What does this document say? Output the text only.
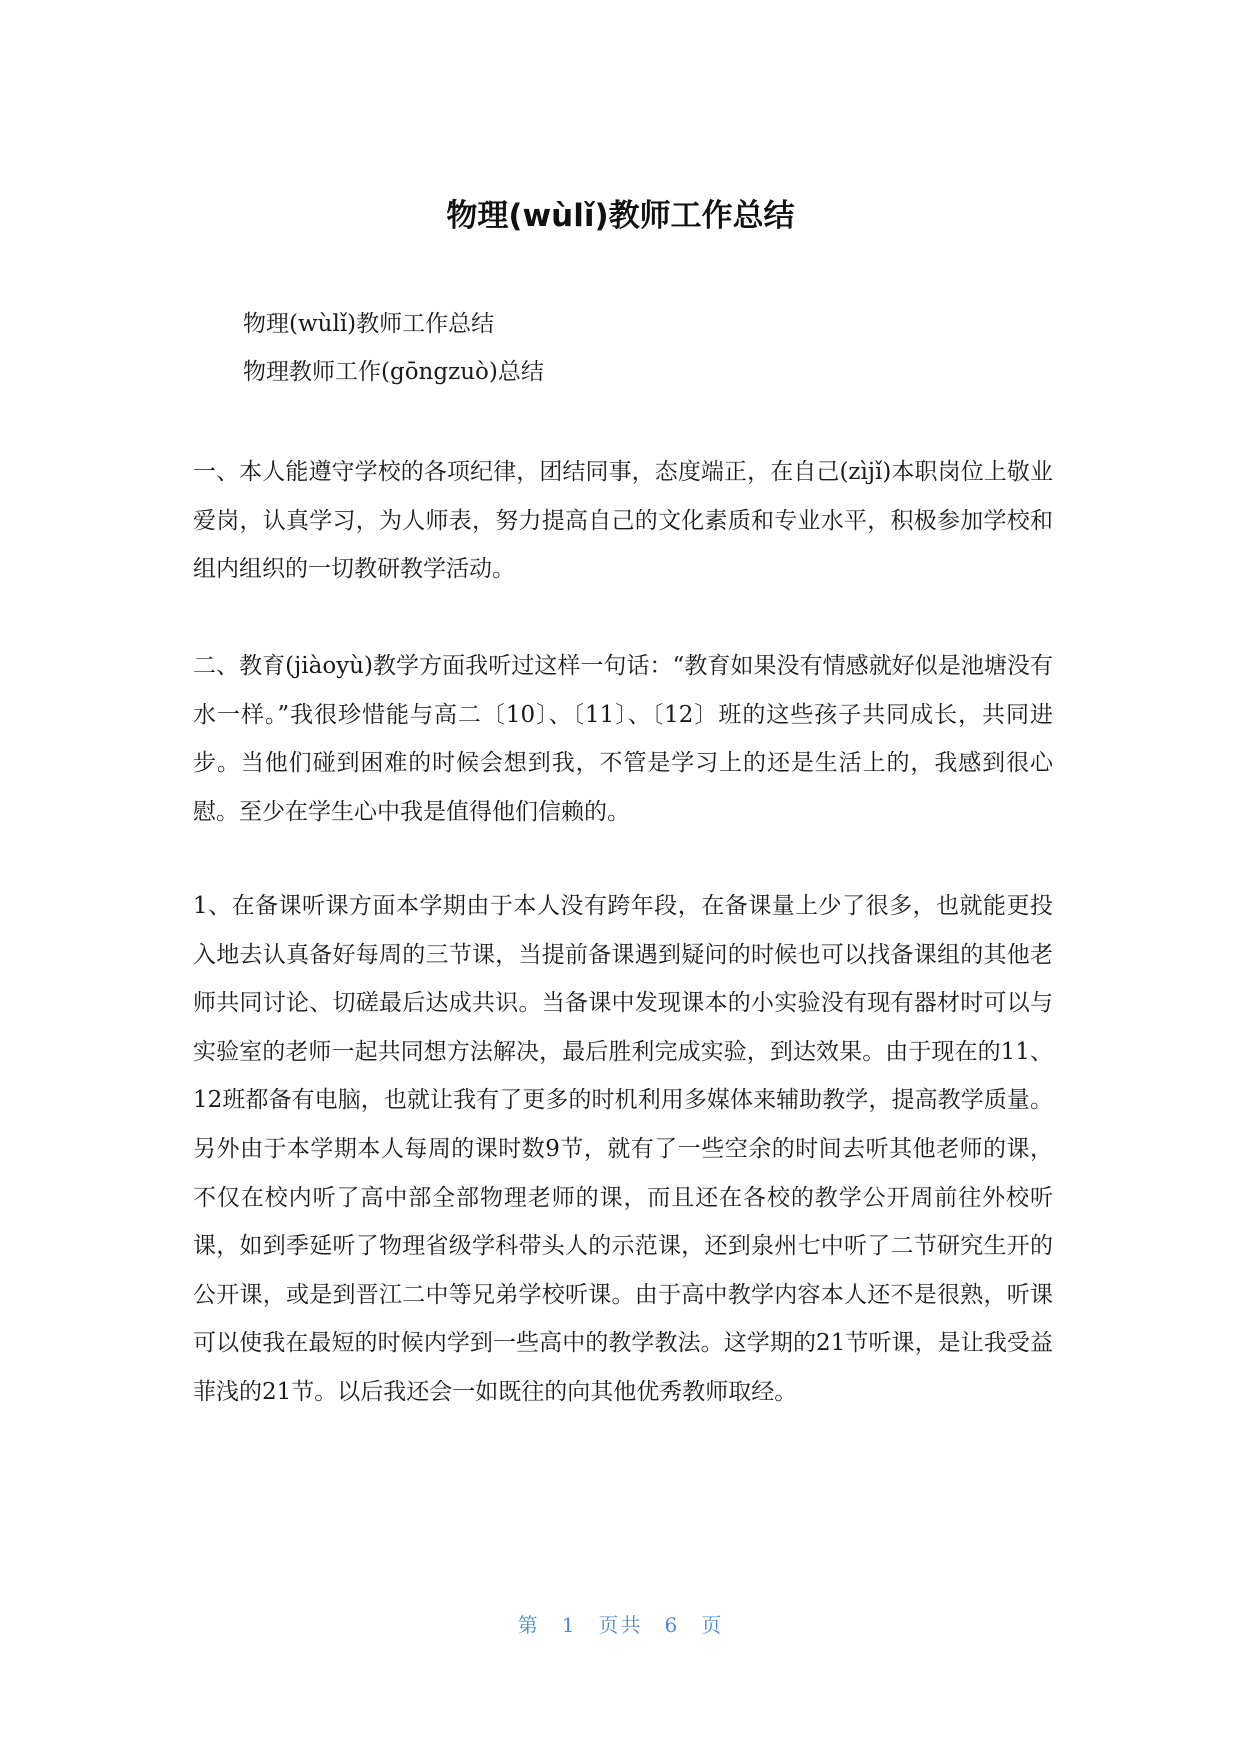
物理(wùlǐ)教师工作总结
物理(wùlǐ)教师工作总结
物理教师工作(gōngzuò)总结
一、本人能遵守学校的各项纪律，团结同事，态度端正，在自己(zìjǐ)本职岗位上敬业爱岗，认真学习，为人师表，努力提高自己的文化素质和专业水平，积极参加学校和组内组织的一切教研教学活动。
二、教育(jiàoyù)教学方面我听过这样一句话：“教育如果没有情感就好似是池塘没有水一样。”我很珍惜能与高二〔10〕、〔11〕、〔12〕班的这些孩子共同成长，共同进步。当他们碰到困难的时候会想到我，不管是学习上的还是生活上的，我感到很心慰。至少在学生心中我是值得他们信赖的。
1、在备课听课方面本学期由于本人没有跨年段，在备课量上少了很多，也就能更投入地去认真备好每周的三节课，当提前备课遇到疑问的时候也可以找备课组的其他老师共同讨论、切磋最后达成共识。当备课中发现课本的小实验没有现有器材时可以与实验室的老师一起共同想方法解决，最后胜利完成实验，到达效果。由于现在的11、12班都备有电脑，也就让我有了更多的时机利用多媒体来辅助教学，提高教学质量。另外由于本学期本人每周的课时数9节，就有了一些空余的时间去听其他老师的课，不仅在校内听了高中部全部物理老师的课，而且还在各校的教学公开周前往外校听课，如到季延听了物理省级学科带头人的示范课，还到泉州七中听了二节研究生开的公开课，或是到晋江二中等兄弟学校听课。由于高中教学内容本人还不是很熟，听课可以使我在最短的时候内学到一些高中的教学教法。这学期的21节听课，是让我受益菲浅的21节。以后我还会一如既往的向其他优秀教师取经。
第 1 页共 6 页
